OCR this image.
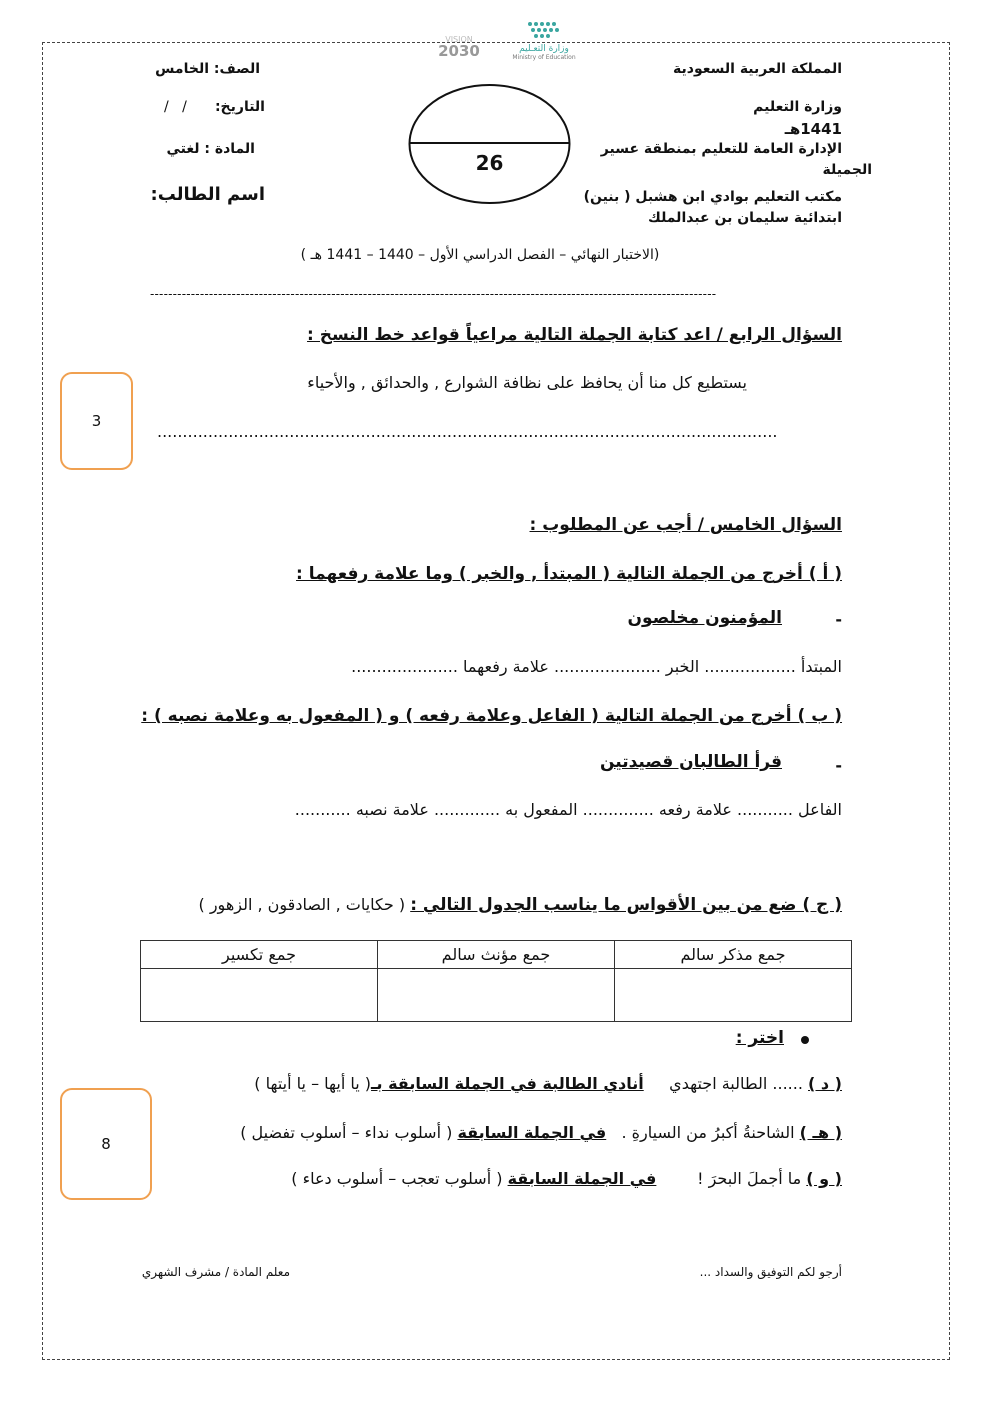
VISION
2030	وزارة التعـليم
Ministry of Education
المملكة العربية السعودية
وزارة التعليم
1441هـ
الإدارة العامة للتعليم بمنطقة عسير
الجميلة
مكتب التعليم بوادي ابن هشبل ( بنين)
ابتدائية سليمان بن عبدالملك
الصف: الخامس
التاريخ:
/   /
المادة : لغتي
اسم الطالب:
26
(الاختبار النهائي – الفصل الدراسي الأول – 1440 – 1441 هـ )
-----------------------------------------------------------------------------------------------------------------------------
السؤال الرابع / اعد كتابة الجملة التالية مراعياً قواعد خط النسخ :
يستطيع كل منا أن يحافظ على نظافة الشوارع , والحدائق , والأحياء
..........................................................................................................................
3
السؤال الخامس / أجب عن المطلوب :
( أ ) أخرج من الجملة التالية ( المبتدأ , والخبر ) وما علامة رفعهما :
-
المؤمنون مخلصون
المبتدأ .................. الخبر ..................... علامة رفعهما .....................
( ب ) أخرج من الجملة التالية ( الفاعل وعلامة رفعه ) و ( المفعول به وعلامة نصبه ) :
-
قرأ الطالبان قصيدتين
الفاعل ........... علامة رفعه .............. المفعول به ............. علامة نصبه ...........
( ج ) ضع من بين الأقواس ما يناسب الجدول التالي : ( حكايات , الصادقون , الزهور )
جمع مذكر سالم	جمع مؤنث سالم	جمع تكسير

اختر :
( د ) ...... الطالبة اجتهدي     أنادي الطالبة في الجملة السابقة بـ( يا أيها – يا أيتها )
( هـ ) الشاحنةُ أكبرُ من السيارةِ .   في الجملة السابقة ( أسلوب نداء – أسلوب تفضيل )
( و ) ما أجملَ البحرَ !        في الجملة السابقة ( أسلوب تعجب – أسلوب دعاء )
8
أرجو لكم التوفيق والسداد ...
معلم المادة / مشرف الشهري
